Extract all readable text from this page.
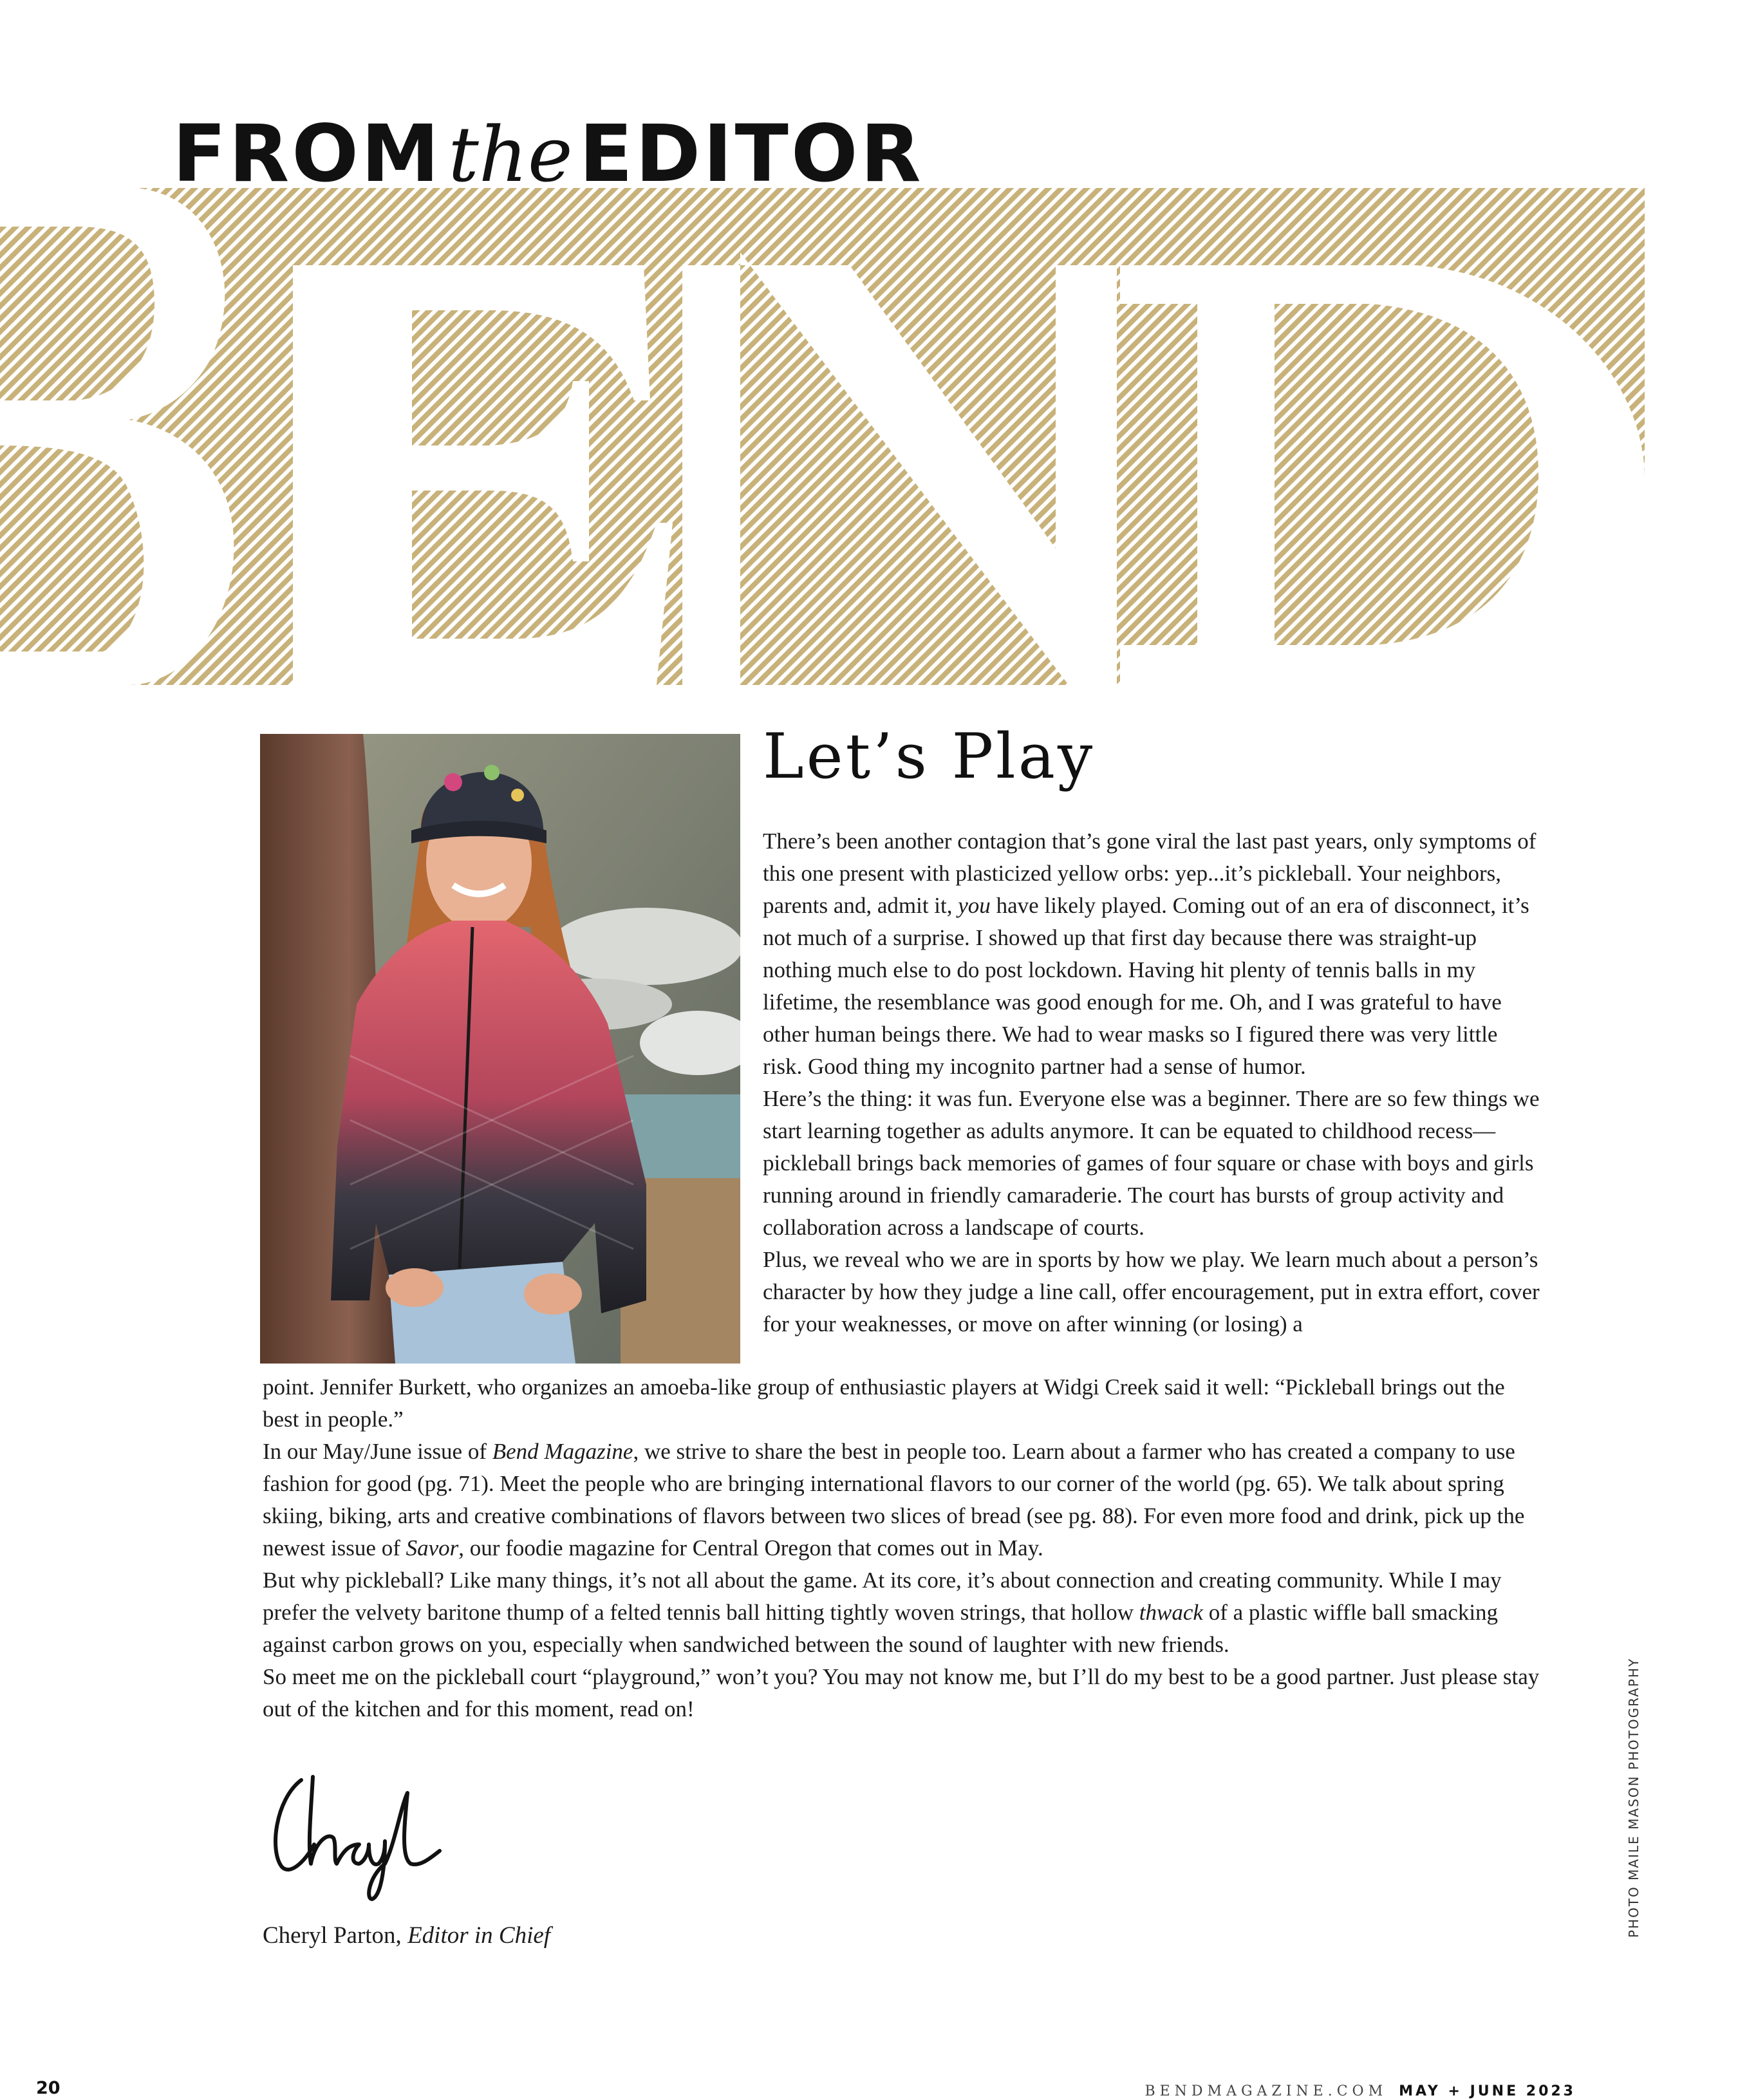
FROMtheEDITOR
Let’s Play

There’s been another contagion that’s gone viral the last past years, only symptoms of this one present with plasticized yellow orbs: yep...it’s pickleball. Your neighbors, parents and, admit it, you have likely played. Coming out of an era of disconnect, it’s not much of a surprise. I showed up that first day because there was straight-up nothing much else to do post lockdown. Having hit plenty of tennis balls in my lifetime, the resemblance was good enough for me. Oh, and I was grateful to have other human beings there. We had to wear masks so I figured there was very little risk. Good thing my incognito partner had a sense of humor.

Here’s the thing: it was fun. Everyone else was a beginner. There are so few things we start learning together as adults anymore. It can be equated to childhood recess—pickleball brings back memories of games of four square or chase with boys and girls running around in friendly camaraderie. The court has bursts of group activity and collaboration across a landscape of courts.

Plus, we reveal who we are in sports by how we play. We learn much about a person’s character by how they judge a line call, offer encouragement, put in extra effort, cover for your weaknesses, or move on after winning (or losing) a

point. Jennifer Burkett, who organizes an amoeba-like group of enthusiastic players at Widgi Creek said it well: “Pickleball brings out the best in people.”

In our May/June issue of Bend Magazine, we strive to share the best in people too. Learn about a farmer who has created a company to use fashion for good (pg. 71). Meet the people who are bringing international flavors to our corner of the world (pg. 65). We talk about spring skiing, biking, arts and creative combinations of flavors between two slices of bread (see pg. 88). For even more food and drink, pick up the newest issue of Savor, our foodie magazine for Central Oregon that comes out in May.

But why pickleball? Like many things, it’s not all about the game. At its core, it’s about connection and creating community. While I may prefer the velvety baritone thump of a felted tennis ball hitting tightly woven strings, that hollow thwack of a plastic wiffle ball smacking against carbon grows on you, especially when sandwiched between the sound of laughter with new friends.

So meet me on the pickleball court “playground,” won’t you? You may not know me, but I’ll do my best to be a good partner. Just please stay out of the kitchen and for this moment, read on!

Cheryl Parton, Editor in Chief	PHOTO MAILE MASON PHOTOGRAPHY
20	BENDMAGAZINE.COM MAY + JUNE 2023
